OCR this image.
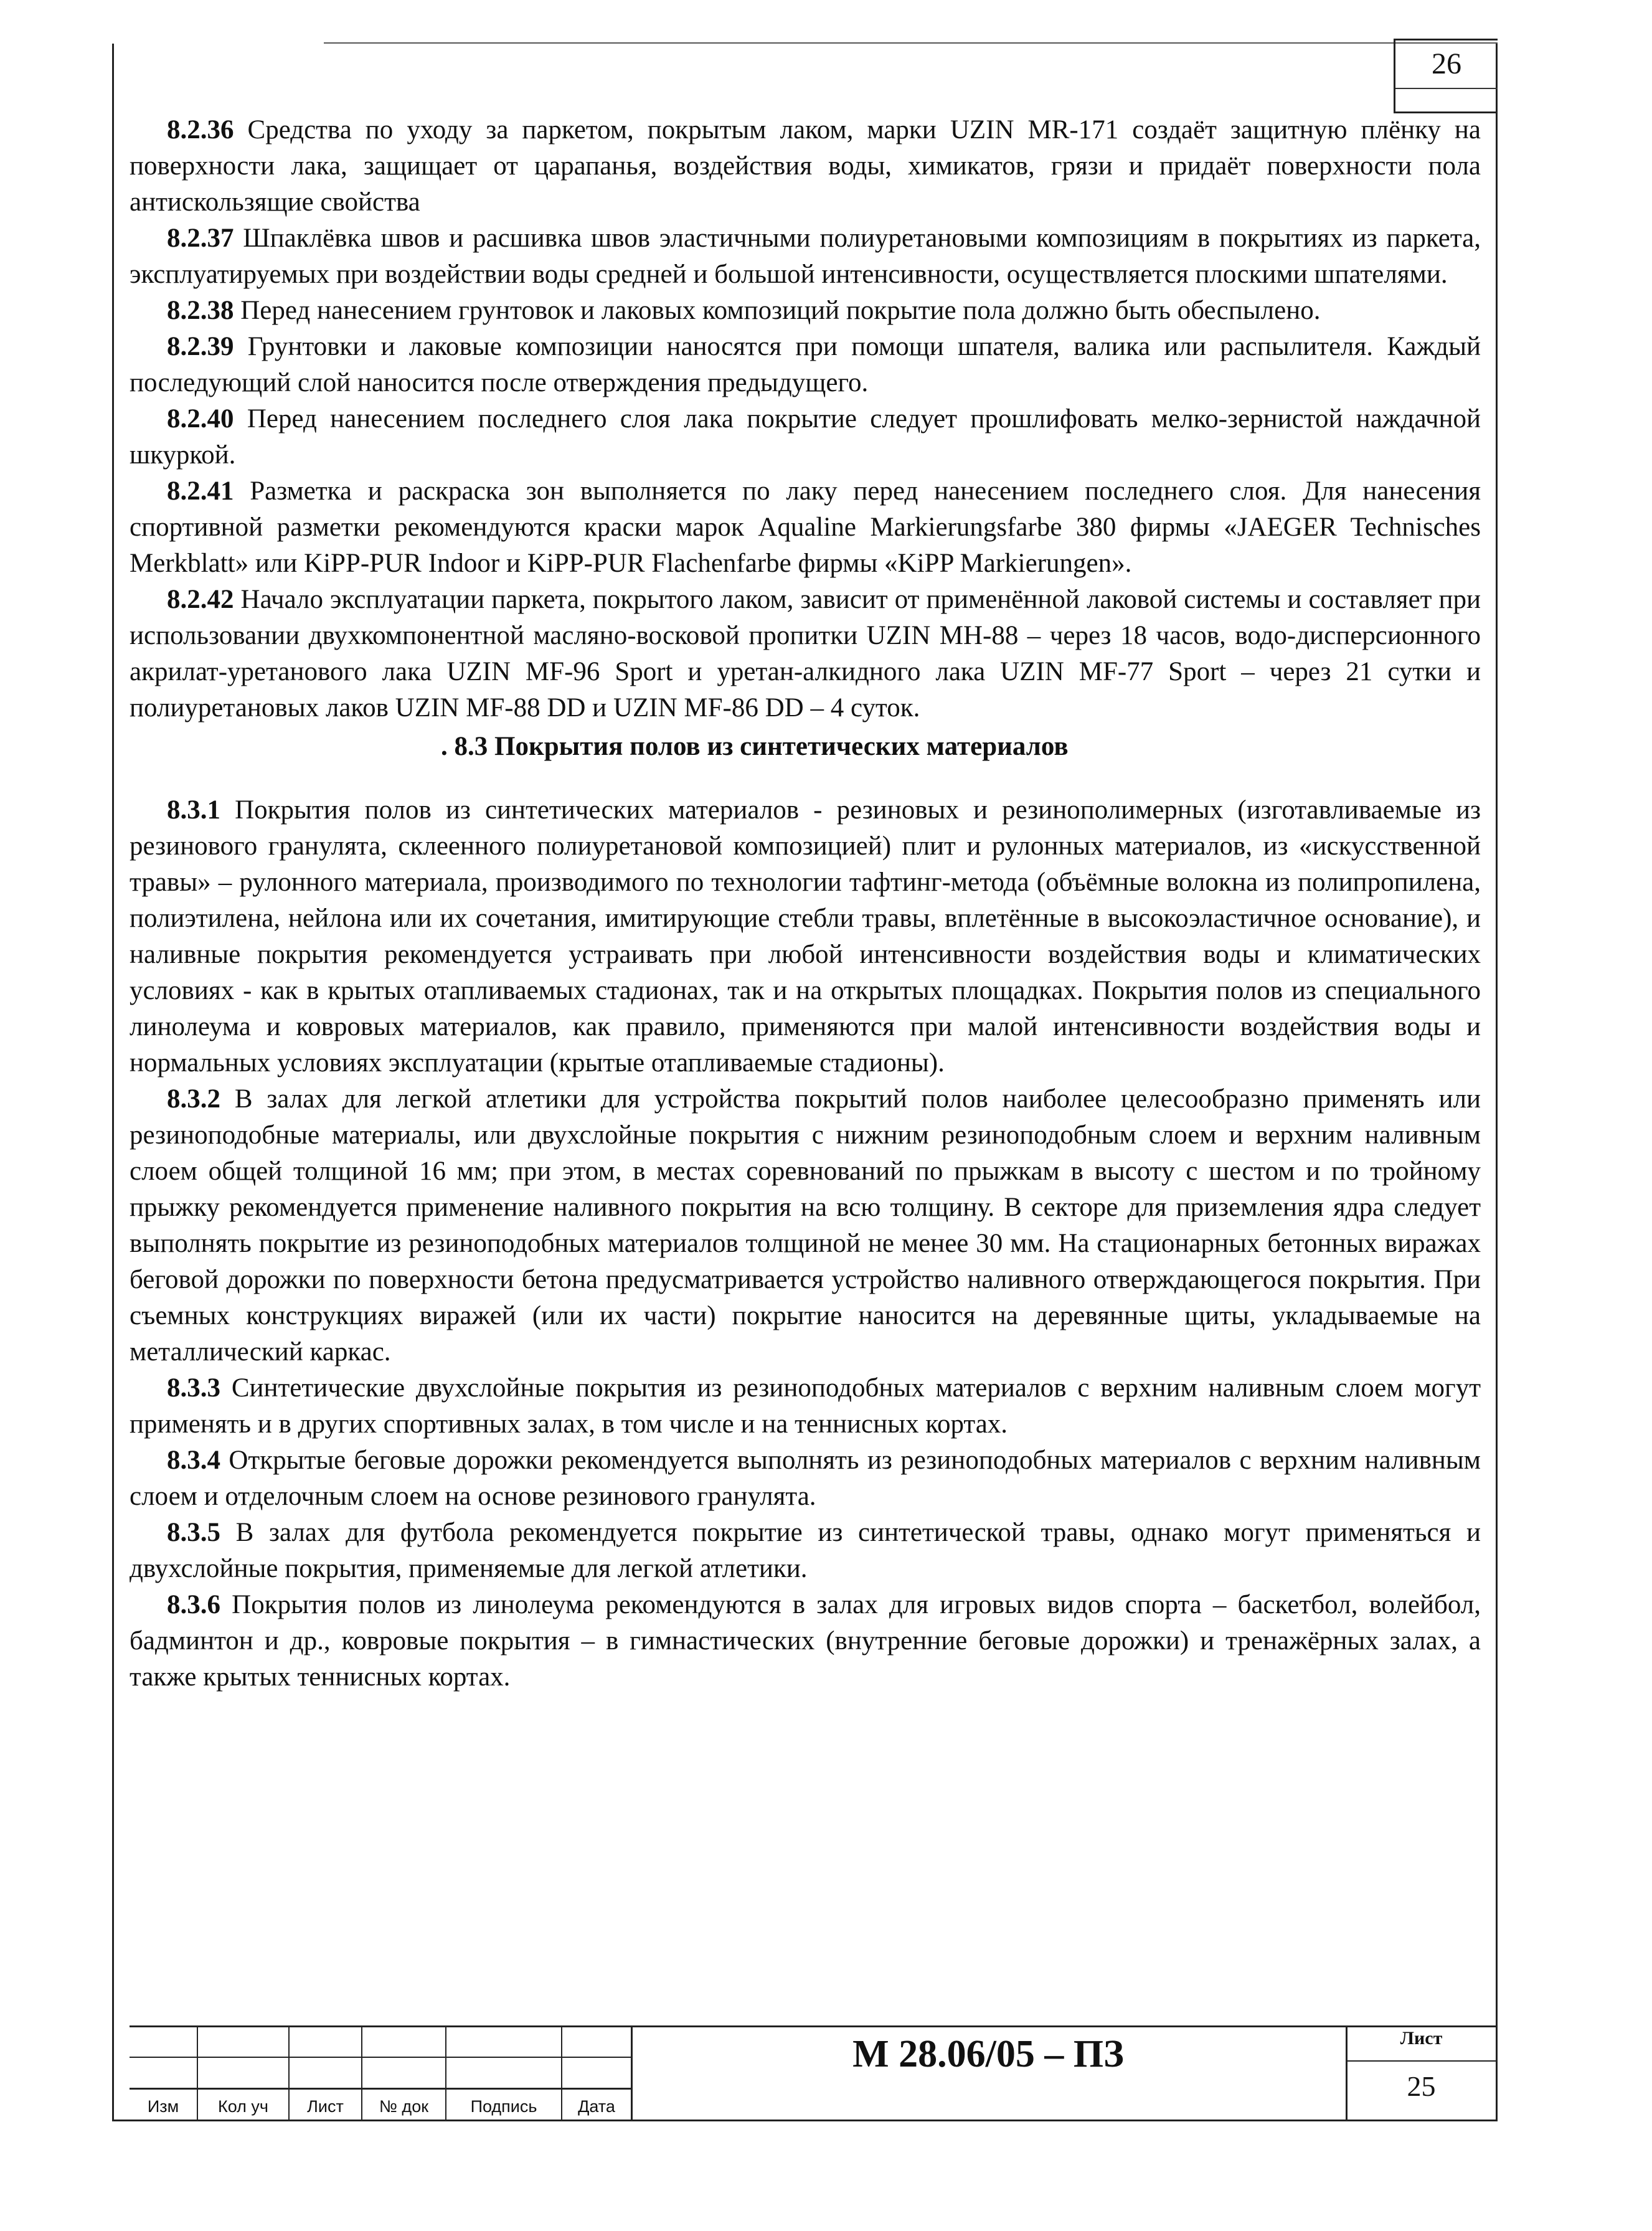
26

8.2.36 Средства по уходу за паркетом, покрытым лаком, марки UZIN MR-171 создаёт защитную плёнку на поверхности лака, защищает от царапанья, воздействия воды, химикатов, грязи и придаёт поверхности пола антискользящие свойства

8.2.37 Шпаклёвка швов и расшивка швов эластичными полиуретановыми композициям в покрытиях из паркета, эксплуатируемых при воздействии воды средней и большой интенсивности, осуществляется плоскими шпателями.

8.2.38 Перед нанесением грунтовок и лаковых композиций покрытие пола должно быть обеспылено.

8.2.39 Грунтовки и лаковые композиции наносятся при помощи шпателя, валика или распылителя. Каждый последующий слой наносится после отверждения предыдущего.

8.2.40 Перед нанесением последнего слоя лака покрытие следует прошлифовать мелко-зернистой наждачной шкуркой.

8.2.41 Разметка и раскраска зон выполняется по лаку перед нанесением последнего слоя. Для нанесения спортивной разметки рекомендуются краски марок Aqualine Markierungsfarbe 380 фирмы «JAEGER Technisches Merkblatt» или KiPP-PUR Indoor и KiPP-PUR Flachenfarbe фирмы «KiPP Markierungen».

8.2.42 Начало эксплуатации паркета, покрытого лаком, зависит от применённой лаковой системы и составляет при использовании двухкомпонентной масляно-восковой пропитки UZIN MH-88 – через 18 часов, водо-дисперсионного акрилат-уретанового лака UZIN MF-96 Sport и уретан-алкидного лака UZIN MF-77 Sport – через 21 сутки и полиуретановых лаков UZIN MF-88 DD и UZIN MF-86 DD – 4 суток.

. 8.3 Покрытия полов из синтетических материалов

8.3.1 Покрытия полов из синтетических материалов - резиновых и резинополимерных (изготавливаемые из резинового гранулята, склеенного полиуретановой композицией) плит и рулонных материалов, из «искусственной травы» – рулонного материала, производимого по технологии тафтинг-метода (объёмные волокна из полипропилена, полиэтилена, нейлона или их сочетания, имитирующие стебли травы, вплетённые в высокоэластичное основание), и наливные покрытия рекомендуется устраивать при любой интенсивности воздействия воды и климатических условиях - как в крытых отапливаемых стадионах, так и на открытых площадках. Покрытия полов из специального линолеума и ковровых материалов, как правило, применяются при малой интенсивности воздействия воды и нормальных условиях эксплуатации (крытые отапливаемые стадионы).

8.3.2 В залах для легкой атлетики для устройства покрытий полов наиболее целесообразно применять или резиноподобные материалы, или двухслойные покрытия с нижним резиноподобным слоем и верхним наливным слоем общей толщиной 16 мм; при этом, в местах соревнований по прыжкам в высоту с шестом и по тройному прыжку рекомендуется применение наливного покрытия на всю толщину. В секторе для приземления ядра следует выполнять покрытие из резиноподобных материалов толщиной не менее 30 мм. На стационарных бетонных виражах беговой дорожки по поверхности бетона предусматривается устройство наливного отверждающегося покрытия. При съемных конструкциях виражей (или их части) покрытие наносится на деревянные щиты, укладываемые на металлический каркас.

8.3.3 Синтетические двухслойные покрытия из резиноподобных материалов с верхним наливным слоем могут применять и в других спортивных залах, в том числе и на теннисных кортах.

8.3.4 Открытые беговые дорожки рекомендуется выполнять из резиноподобных материалов с верхним наливным слоем и отделочным слоем на основе резинового гранулята.

8.3.5 В залах для футбола рекомендуется покрытие из синтетической травы, однако могут применяться и двухслойные покрытия, применяемые для легкой атлетики.

8.3.6 Покрытия полов из линолеума рекомендуются в залах для игровых видов спорта – баскетбол, волейбол, бадминтон и др., ковровые покрытия – в гимнастических (внутренние беговые дорожки) и тренажёрных залах, а также крытых теннисных кортах.

Изм	Кол уч	Лист	№ док	Подпись	Дата
М 28.06/05 – ПЗ	Лист
25
